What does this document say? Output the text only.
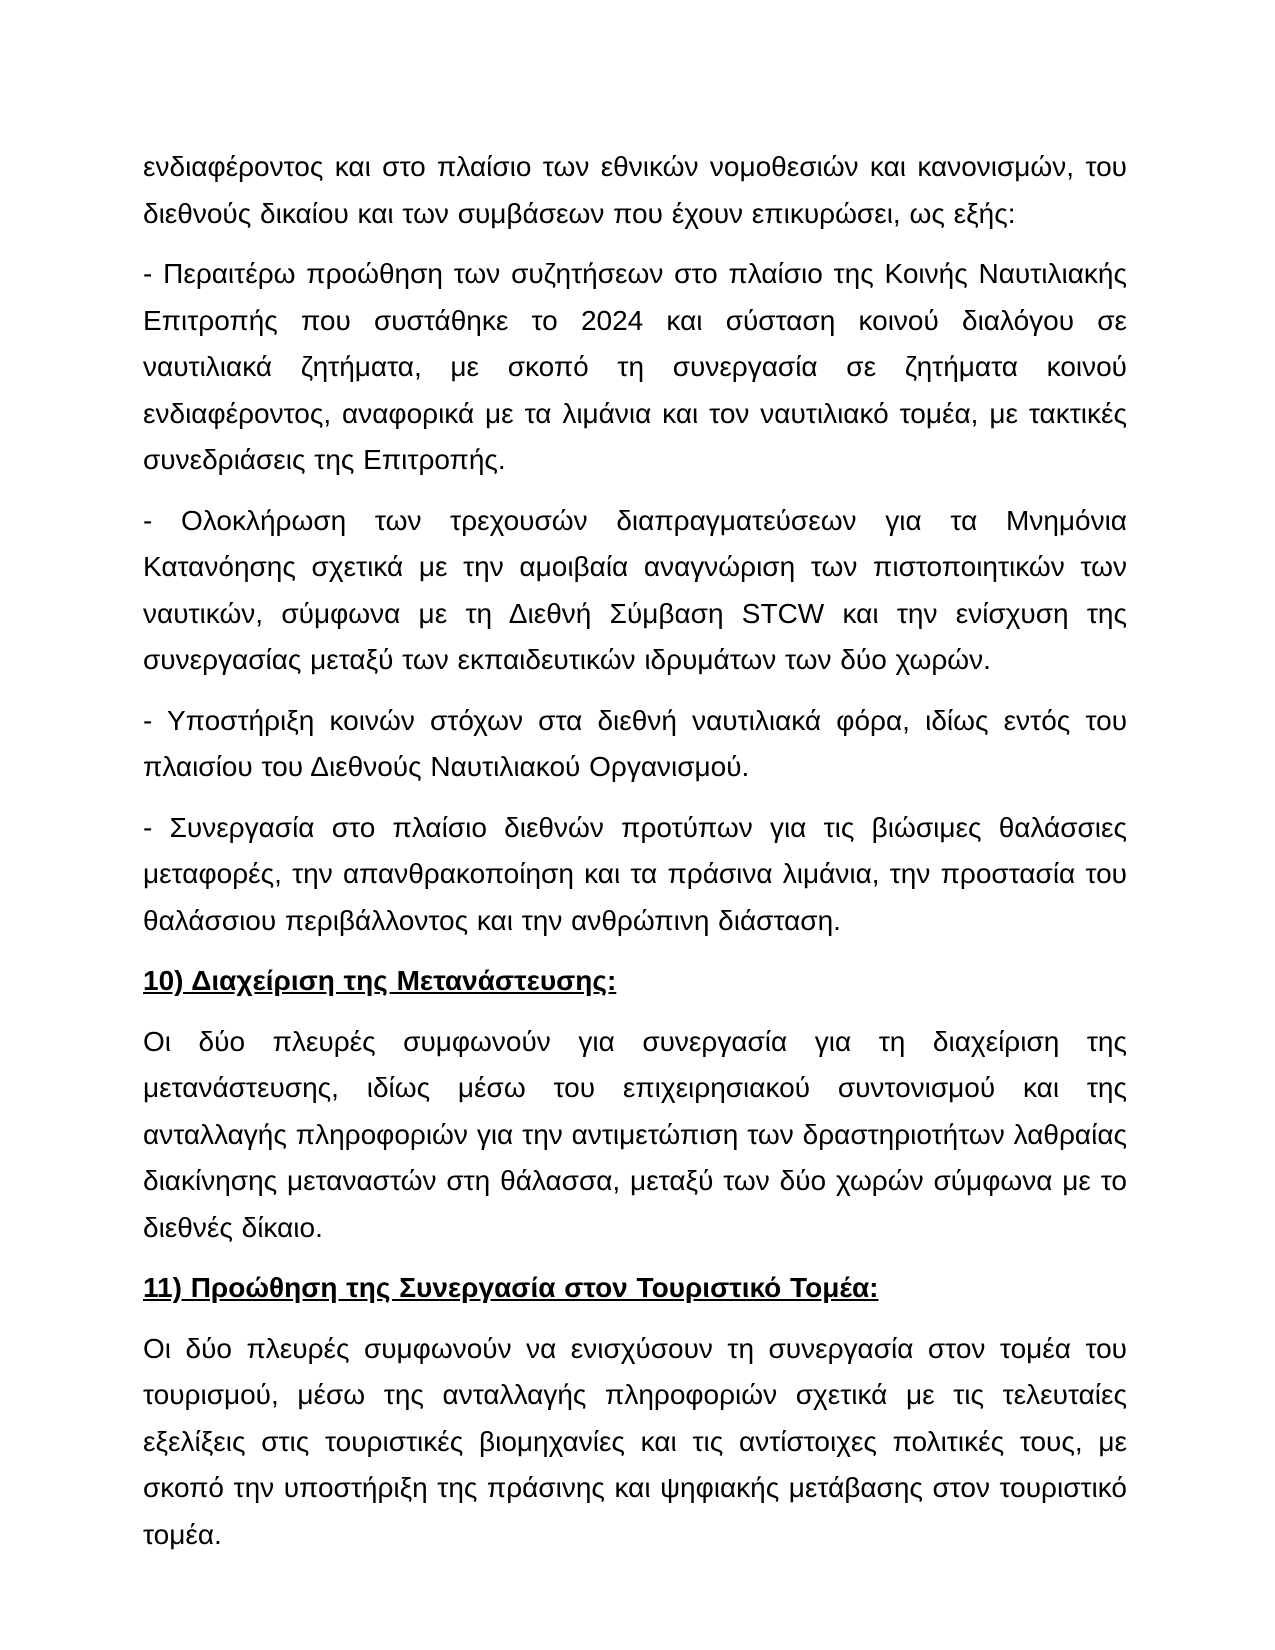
ενδιαφέροντος και στο πλαίσιο των εθνικών νομοθεσιών και κανονισμών, του διεθνούς δικαίου και των συμβάσεων που έχουν επικυρώσει, ως εξής:

- Περαιτέρω προώθηση των συζητήσεων στο πλαίσιο της Κοινής Ναυτιλιακής Επιτροπής που συστάθηκε το 2024 και σύσταση κοινού διαλόγου σε ναυτιλιακά ζητήματα, με σκοπό τη συνεργασία σε ζητήματα κοινού ενδιαφέροντος, αναφορικά με τα λιμάνια και τον ναυτιλιακό τομέα, με τακτικές συνεδριάσεις της Επιτροπής.

- Ολοκλήρωση των τρεχουσών διαπραγματεύσεων για τα Μνημόνια Κατανόησης σχετικά με την αμοιβαία αναγνώριση των πιστοποιητικών των ναυτικών, σύμφωνα με τη Διεθνή Σύμβαση STCW και την ενίσχυση της συνεργασίας μεταξύ των εκπαιδευτικών ιδρυμάτων των δύο χωρών.

- Υποστήριξη κοινών στόχων στα διεθνή ναυτιλιακά φόρα, ιδίως εντός του πλαισίου του Διεθνούς Ναυτιλιακού Οργανισμού.

- Συνεργασία στο πλαίσιο διεθνών προτύπων για τις βιώσιμες θαλάσσιες μεταφορές, την απανθρακοποίηση και τα πράσινα λιμάνια, την προστασία του θαλάσσιου περιβάλλοντος και την ανθρώπινη διάσταση.

10) Διαχείριση της Μετανάστευσης:

Οι δύο πλευρές συμφωνούν για συνεργασία για τη διαχείριση της μετανάστευσης, ιδίως μέσω του επιχειρησιακού συντονισμού και της ανταλλαγής πληροφοριών για την αντιμετώπιση των δραστηριοτήτων λαθραίας διακίνησης μεταναστών στη θάλασσα, μεταξύ των δύο χωρών σύμφωνα με το διεθνές δίκαιο.

11) Προώθηση της Συνεργασία στον Τουριστικό Τομέα:

Οι δύο πλευρές συμφωνούν να ενισχύσουν τη συνεργασία στον τομέα του τουρισμού, μέσω της ανταλλαγής πληροφοριών σχετικά με τις τελευταίες εξελίξεις στις τουριστικές βιομηχανίες και τις αντίστοιχες πολιτικές τους, με σκοπό την υποστήριξη της πράσινης και ψηφιακής μετάβασης στον τουριστικό τομέα.
